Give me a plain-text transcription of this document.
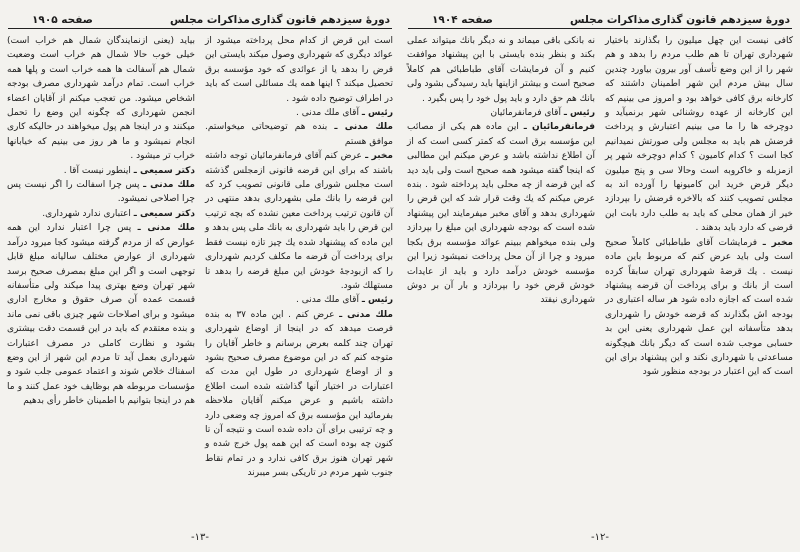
دورهٔ سیزدهم قانون گذاری
مذاکرات مجلس
صفحه ۱۹۰۵

است این قرض از کدام محل پرداخته میشود از عوائد دیگری که شهرداری وصول میکند بایستی این قرض را بدهد یا از عوائدی که خود مؤسسه برق تحصیل میکند ؟ اینها همه یك مسائلی است که باید در اطراف توضیح داده شود .

رئیس ـ آقای ملك مدنی .

ملك مدنی ـ بنده هم توضیحاتی میخواستم. موافق هستم

مخبر ـ عرض کنم آقای فرمانفرمائیان توجه داشته باشند که برای این قرضه قانونی ازمجلس گذشته است مجلس شورای ملی قانونی تصویب کرد که این قرضه را بانك ملی بشهرداری بدهد منتهی در آن قانون ترتیب پرداخت معین نشده که بچه ترتیب این قرض را باید شهرداری به بانك ملی پس بدهد و این ماده که پیشنهاد شده یك چیز تازه نیست فقط برای پرداخت آن قرضه ما مکلف کردیم شهرداری را که ازبودجهٔ خودش این مبلغ قرضه را بدهد تا مستهلك شود.

رئیس ـ آقای ملك مدنی .

ملك مدنی ـ عرض کنم . این ماده ۳۷ به بنده فرصت میدهد که در اینجا از اوضاع شهرداری تهران چند کلمه بعرض برسانم و خاطر آقایان را متوجه کنم که در این موضوع مصرف صحیح بشود و از اوضاع شهرداری در طول این مدت که اعتبارات در اختیار آنها گذاشته شده است اطلاع داشته باشیم و عرض میکنم آقایان ملاحظه بفرمائید این مؤسسه برق که امروز چه وضعی دارد و چه ترتیبی برای آن داده شده است و نتیجه آن تا کنون چه بوده است که این همه پول خرج شده و شهر تهران هنوز برق کافی ندارد و در تمام نقاط جنوب شهر مردم در تاریکی بسر میبرند

بیاید (یعنی ازنمایندگان شمال هم خراب است) خیلی خوب حالا شمال هم خراب است وضعیت شمال هم آسفالت ها همه خراب است و پلها همه خراب است. تمام درآمد شهرداری مصرف بودجه اشخاص میشود. من تعجب میکنم از آقایان اعضاء انجمن شهرداری که چگونه این وضع را تحمل میکنند و در اینجا هم پول میخواهند در حالیکه کاری انجام نمیشود و ما هر روز می بینیم که خیابانها خراب تر میشود .

دکتر سمیعی ـ اینطور نیست آقا .

ملك مدنی ـ پس چرا اسفالت را اگر نیست پس چرا اصلاحی نمیشود.

دکتر سمیعی ـ اعتباری ندارد شهرداری.

ملك مدنی ـ پس چرا اعتبار ندارد این همه عوارض که از مردم گرفته میشود کجا میرود درآمد شهرداری از عوارض مختلف سالیانه مبلغ قابل توجهی است و اگر این مبلغ بمصرف صحیح برسد شهر تهران وضع بهتری پیدا میکند ولی متأسفانه قسمت عمده آن صرف حقوق و مخارج اداری میشود و برای اصلاحات شهر چیزی باقی نمی ماند و بنده معتقدم که باید در این قسمت دقت بیشتری بشود و نظارت کاملی در مصرف اعتبارات شهرداری بعمل آید تا مردم این شهر از این وضع اسفناك خلاص شوند و اعتماد عمومی جلب شود و مؤسسات مربوطه هم بوظایف خود عمل کنند و ما هم در اینجا بتوانیم با اطمینان خاطر رأی بدهیم

-۱۳-
دورهٔ سیزدهم قانون گذاری
مذاکرات مجلس
صفحه ۱۹۰۴

کافی نیست این چهل میلیون را بگذارند باختیار شهرداری تهران تا هم طلب مردم را بدهد و هم شهر را از این وضع تأسف آور بیرون بیاورد چندین سال بیش مردم این شهر اطمینان داشتند که کارخانه برق کافی خواهد بود و امروز می بینیم که این کارخانه از عهده روشنائی شهر برنمیآید و دوچرخه ها را ما می بینیم اعتبارش و پرداخت قرضش هم باید به مجلس ولی صورتش نمیدانیم کجا است ؟ کدام کامیون ؟ کدام دوچرخه شهر پر ازمزبله و خاکروبه است وحالا سی و پنج میلیون دیگر قرض خرید این کامیونها را آورده اند به مجلس تصویب کنند که بالاخره قرضش را بپردازد خیر از همان محلی که باید به طلب دارد بابت این قرضی که دارد باید بدهند .

مخبر ـ فرمایشات آقای طباطبائی کاملاً صحیح است ولی باید عرض کنم که مربوط باین ماده نیست . یك قرضهٔ شهرداری تهران سابقاً کرده است از بانك و برای پرداخت آن قرضه پیشنهاد شده است که اجازه داده شود هر ساله اعتباری در بودجه اش بگذارند که قرضه خودش را شهرداری بدهد متأسفانه این عمل شهرداری یعنی این بد حسابی موجب شده است که دیگر بانك هیچگونه مساعدتی با شهرداری نکند و این پیشنهاد برای این است که این اعتبار در بودجه منظور شود

نه بانکی باقی میماند و نه دیگر بانك میتواند عملی بکند و بنظر بنده بایستی با این پیشنهاد موافقت کنیم و آن فرمایشات آقای طباطبائی هم کاملاً صحیح است و بیشتر ازاینها باید رسیدگی بشود ولی بانك هم حق دارد و باید پول خود را پس بگیرد .

رئیس ـ آقای فرمانفرمائیان

فرمانفرمائیان ـ این ماده هم یکی از مصائب این مؤسسه برق است که کمتر کسی است که از آن اطلاع نداشته باشد و عرض میکنم این مطالبی که اینجا گفته میشود همه صحیح است ولی باید دید که این قرضه از چه محلی باید پرداخته شود . بنده عرض میکنم که یك وقت قرار شد که این قرض را شهرداری بدهد و آقای مخبر میفرمایند این پیشنهاد شده است که بودجه شهرداری این مبلغ را بپردازد ولی بنده میخواهم ببینم عوائد مؤسسه برق بکجا میرود و چرا از آن محل پرداخت نمیشود زیرا این مؤسسه خودش درآمد دارد و باید از عایدات خودش قرض خود را بپردازد و بار آن بر دوش شهرداری نیفتد

-۱۲-
